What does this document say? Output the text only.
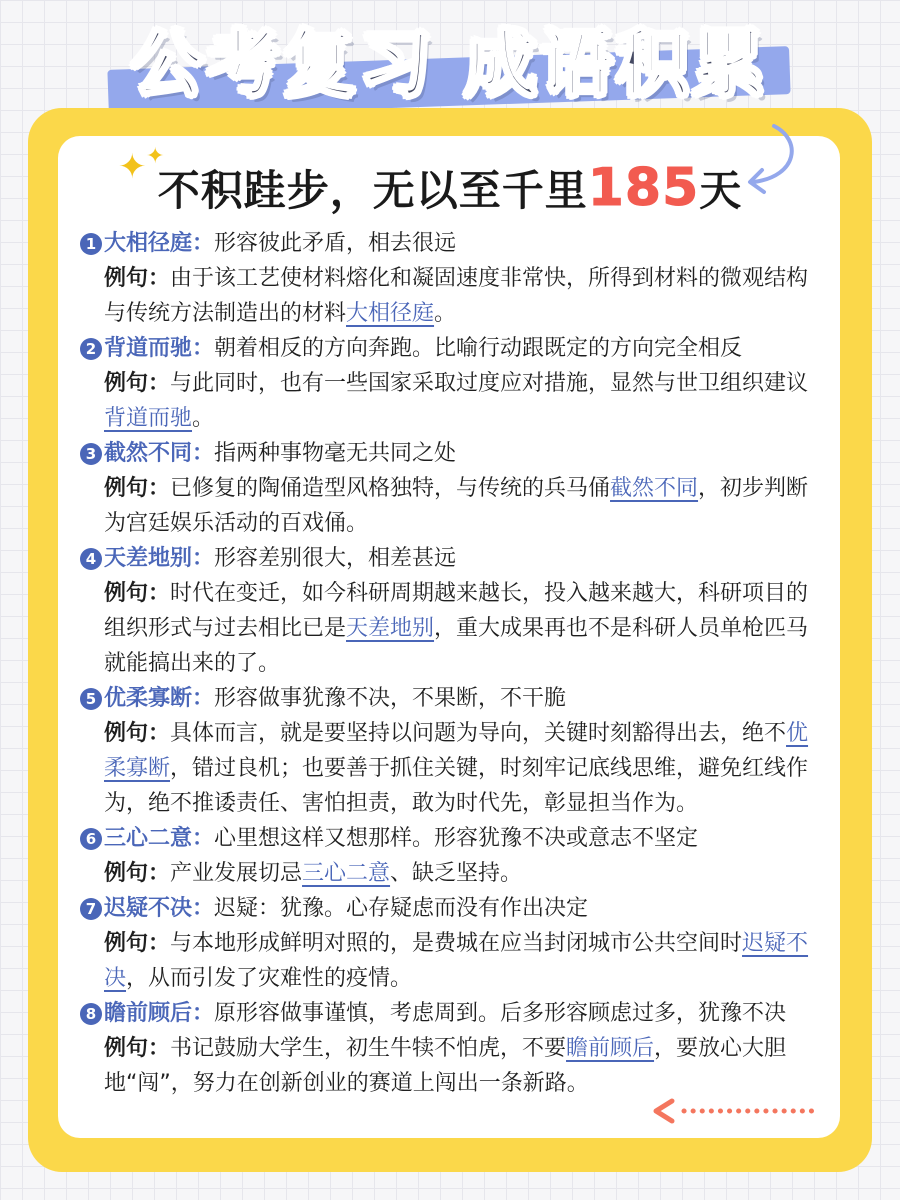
公考复习 成语积累
✦ ✦
不积跬步，无以至千里185天
1 大相径庭：形容彼此矛盾，相去很远
例句：由于该工艺使材料熔化和凝固速度非常快，所得到材料的微观结构与传统方法制造出的材料大相径庭。
2 背道而驰：朝着相反的方向奔跑。比喻行动跟既定的方向完全相反
例句：与此同时，也有一些国家采取过度应对措施，显然与世卫组织建议背道而驰。
3 截然不同：指两种事物毫无共同之处
例句：已修复的陶俑造型风格独特，与传统的兵马俑截然不同，初步判断为宫廷娱乐活动的百戏俑。
4 天差地别：形容差别很大，相差甚远
例句：时代在变迁，如今科研周期越来越长，投入越来越大，科研项目的组织形式与过去相比已是天差地别，重大成果再也不是科研人员单枪匹马就能搞出来的了。
5 优柔寡断：形容做事犹豫不决，不果断，不干脆
例句：具体而言，就是要坚持以问题为导向，关键时刻豁得出去，绝不优柔寡断，错过良机；也要善于抓住关键，时刻牢记底线思维，避免红线作为，绝不推诿责任、害怕担责，敢为时代先，彰显担当作为。
6 三心二意：心里想这样又想那样。形容犹豫不决或意志不坚定
例句：产业发展切忌三心二意、缺乏坚持。
7 迟疑不决：迟疑：犹豫。心存疑虑而没有作出决定
例句：与本地形成鲜明对照的，是费城在应当封闭城市公共空间时迟疑不决，从而引发了灾难性的疫情。
8 瞻前顾后：原形容做事谨慎，考虑周到。后多形容顾虑过多，犹豫不决
例句：书记鼓励大学生，初生牛犊不怕虎，不要瞻前顾后，要放心大胆地“闯”，努力在创新创业的赛道上闯出一条新路。
